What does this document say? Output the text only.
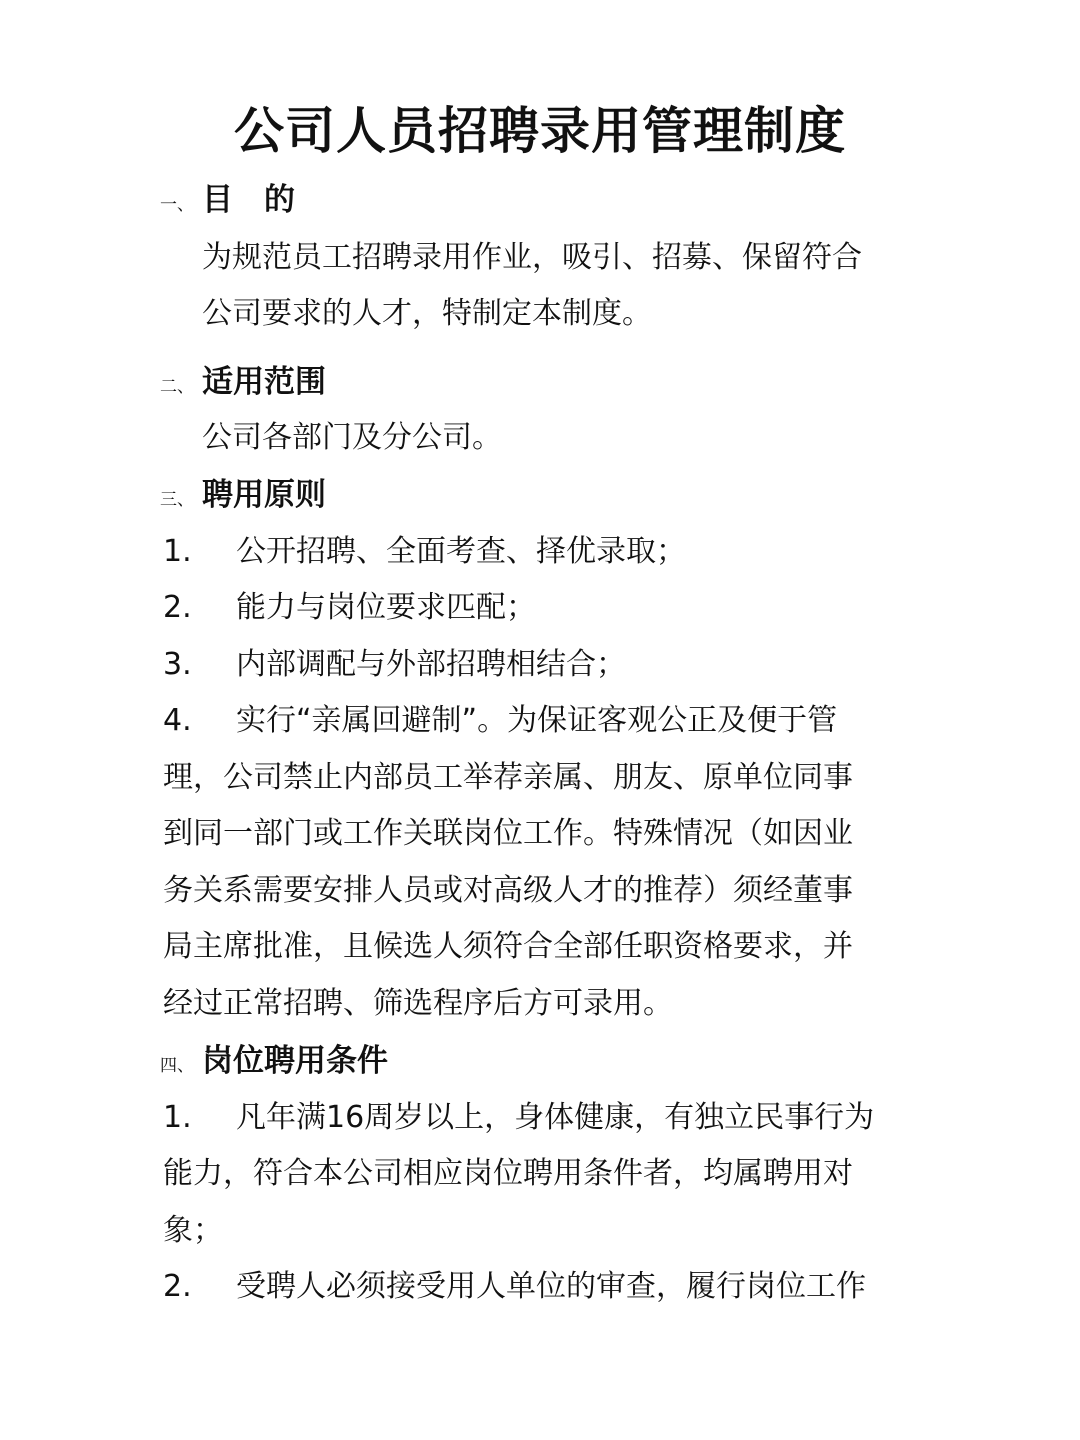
公司人员招聘录用管理制度
一、 目　的
为规范员工招聘录用作业，吸引、招募、保留符合
公司要求的人才，特制定本制度。
二、 适用范围
公司各部门及分公司。
三、 聘用原则
1. 公开招聘、全面考查、择优录取；
2. 能力与岗位要求匹配；
3. 内部调配与外部招聘相结合；
4. 实行“亲属回避制”。为保证客观公正及便于管
理，公司禁止内部员工举荐亲属、朋友、原单位同事
到同一部门或工作关联岗位工作。特殊情况（如因业
务关系需要安排人员或对高级人才的推荐）须经董事
局主席批准，且候选人须符合全部任职资格要求，并
经过正常招聘、筛选程序后方可录用。
四、 岗位聘用条件
1. 凡年满16周岁以上，身体健康，有独立民事行为
能力，符合本公司相应岗位聘用条件者，均属聘用对
象；
2. 受聘人必须接受用人单位的审查，履行岗位工作
